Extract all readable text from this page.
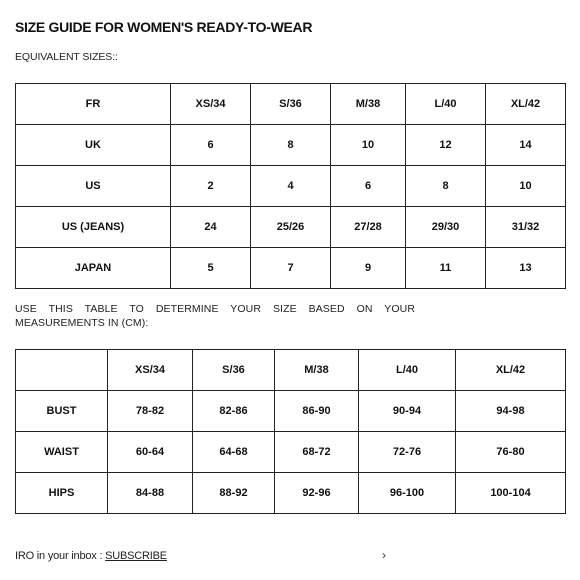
SIZE GUIDE FOR WOMEN'S READY-TO-WEAR
EQUIVALENT SIZES::
FR	XS/34	S/36	M/38	L/40	XL/42
UK	6	8	10	12	14
US	2	4	6	8	10
US (JEANS)	24	25/26	27/28	29/30	31/32
JAPAN	5	7	9	11	13
USE THIS TABLE TO DETERMINE YOUR SIZE BASED ON YOUR MEASUREMENTS IN (CM):
	XS/34	S/36	M/38	L/40	XL/42
BUST	78-82	82-86	86-90	90-94	94-98
WAIST	60-64	64-68	68-72	72-76	76-80
HIPS	84-88	88-92	92-96	96-100	100-104
IRO in your inbox : SUBSCRIBE	›
